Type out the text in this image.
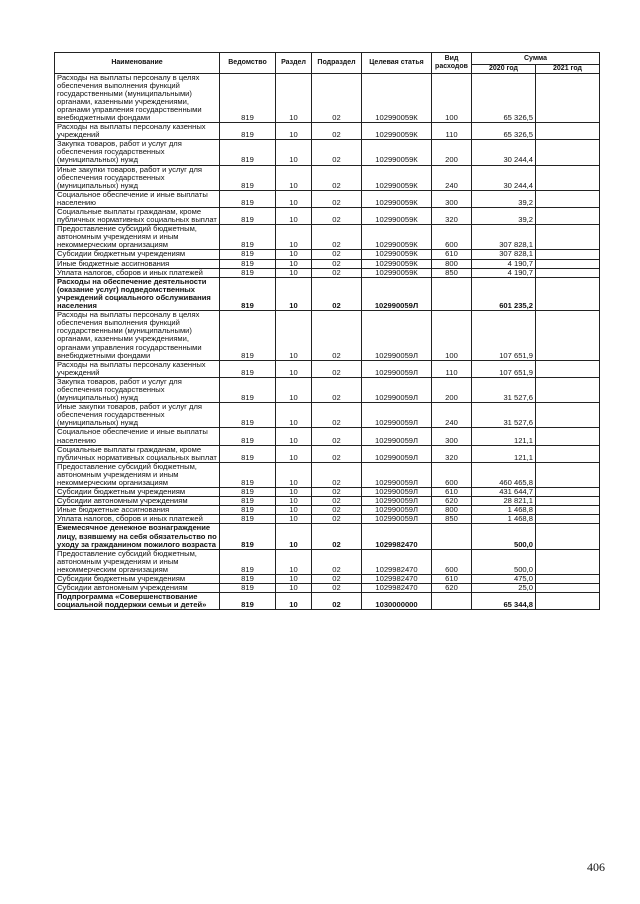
Наименование	Ведомство	Раздел	Подраздел	Целевая статья	Вид расходов	Сумма	
						2020 год	2021 год
Расходы на выплаты персоналу в целях обеспечения выполнения функций государственными (муниципальными) органами, казенными учреждениями, органами управления государственными внебюджетными фондами	819	10	02	102990059К	100	65 326,5	
Расходы на выплаты персоналу казенных учреждений	819	10	02	102990059К	110	65 326,5	
Закупка товаров, работ и услуг для обеспечения государственных (муниципальных) нужд	819	10	02	102990059К	200	30 244,4	
Иные закупки товаров, работ и услуг для обеспечения государственных (муниципальных) нужд	819	10	02	102990059К	240	30 244,4	
Социальное обеспечение и иные выплаты населению	819	10	02	102990059К	300	39,2	
Социальные выплаты гражданам, кроме публичных нормативных социальных выплат	819	10	02	102990059К	320	39,2	
Предоставление субсидий бюджетным, автономным учреждениям и иным некоммерческим организациям	819	10	02	102990059К	600	307 828,1	
Субсидии бюджетным учреждениям	819	10	02	102990059К	610	307 828,1	
Иные бюджетные ассигнования	819	10	02	102990059К	800	4 190,7	
Уплата налогов, сборов и иных платежей	819	10	02	102990059К	850	4 190,7	
Расходы на обеспечение деятельности (оказание услуг) подведомственных учреждений социального обслуживания населения	819	10	02	102990059Л		601 235,2	
Расходы на выплаты персоналу в целях обеспечения выполнения функций государственными (муниципальными) органами, казенными учреждениями, органами управления государственными внебюджетными фондами	819	10	02	102990059Л	100	107 651,9	
Расходы на выплаты персоналу казенных учреждений	819	10	02	102990059Л	110	107 651,9	
Закупка товаров, работ и услуг для обеспечения государственных (муниципальных) нужд	819	10	02	102990059Л	200	31 527,6	
Иные закупки товаров, работ и услуг для обеспечения государственных (муниципальных) нужд	819	10	02	102990059Л	240	31 527,6	
Социальное обеспечение и иные выплаты населению	819	10	02	102990059Л	300	121,1	
Социальные выплаты гражданам, кроме публичных нормативных социальных выплат	819	10	02	102990059Л	320	121,1	
Предоставление субсидий бюджетным, автономным учреждениям и иным некоммерческим организациям	819	10	02	102990059Л	600	460 465,8	
Субсидии бюджетным учреждениям	819	10	02	102990059Л	610	431 644,7	
Субсидии автономным учреждениям	819	10	02	102990059Л	620	28 821,1	
Иные бюджетные ассигнования	819	10	02	102990059Л	800	1 468,8	
Уплата налогов, сборов и иных платежей	819	10	02	102990059Л	850	1 468,8	
Ежемесячное денежное вознаграждение лицу, взявшему на себя обязательство по уходу за гражданином пожилого возраста	819	10	02	1029982470		500,0	
Предоставление субсидий бюджетным, автономным учреждениям и иным некоммерческим организациям	819	10	02	1029982470	600	500,0	
Субсидии бюджетным учреждениям	819	10	02	1029982470	610	475,0	
Субсидии автономным учреждениям	819	10	02	1029982470	620	25,0	
Подпрограмма «Совершенствование социальной поддержки семьи и детей»	819	10	02	1030000000		65 344,8	
406
